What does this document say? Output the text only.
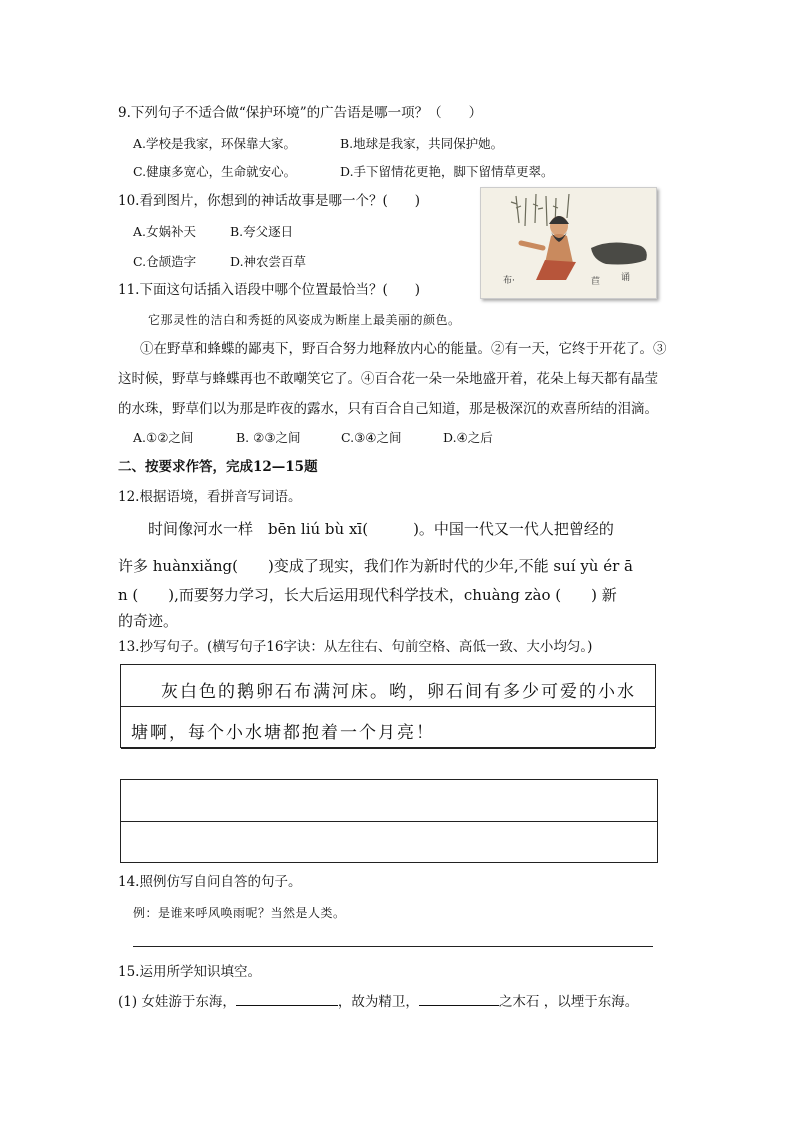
9.下列句子不适合做“保护环境”的广告语是哪一项？（　　）
A.学校是我家，环保靠大家。	B.地球是我家，共同保护她。
C.健康多宽心，生命就安心。	D.手下留情花更艳，脚下留情草更翠。
10.看到图片，你想到的神话故事是哪一个？(　　)
A.女娲补天	B.夸父逐日
C.仓颉造字	D.神农尝百草
布·	苣 诵
11.下面这句话插入语段中哪个位置最恰当？(　　)
它那灵性的洁白和秀挺的风姿成为断崖上最美丽的颜色。
①在野草和蜂蝶的鄙夷下，野百合努力地释放内心的能量。②有一天，它终于开花了。③
这时候，野草与蜂蝶再也不敢嘲笑它了。④百合花一朵一朵地盛开着，花朵上每天都有晶莹
的水珠，野草们以为那是昨夜的露水，只有百合自己知道，那是极深沉的欢喜所结的泪滴。
A.①②之间	B. ②③之间	C.③④之间	D.④之后
二、按要求作答，完成12—15题
12.根据语境，看拼音写词语。
时间像河水一样　bēn liú bù xī(　　　)。中国一代又一代人把曾经的
许多 huànxiǎng(　　)变成了现实，我们作为新时代的少年,不能 suí yù ér ā
n (　　),而要努力学习，长大后运用现代科学技术，chuàng zào (　　) 新
的奇迹。
13.抄写句子。(横写句子16字诀：从左往右、句前空格、高低一致、大小均匀。)
灰白色的鹅卵石布满河床。哟，卵石间有多少可爱的小水
塘啊，每个小水塘都抱着一个月亮！
14.照例仿写自问自答的句子。
例：是谁来呼风唤雨呢？当然是人类。
15.运用所学知识填空。
(1) 女娃游于东海，	，故为精卫，	之木石 ，以堙于东海。
